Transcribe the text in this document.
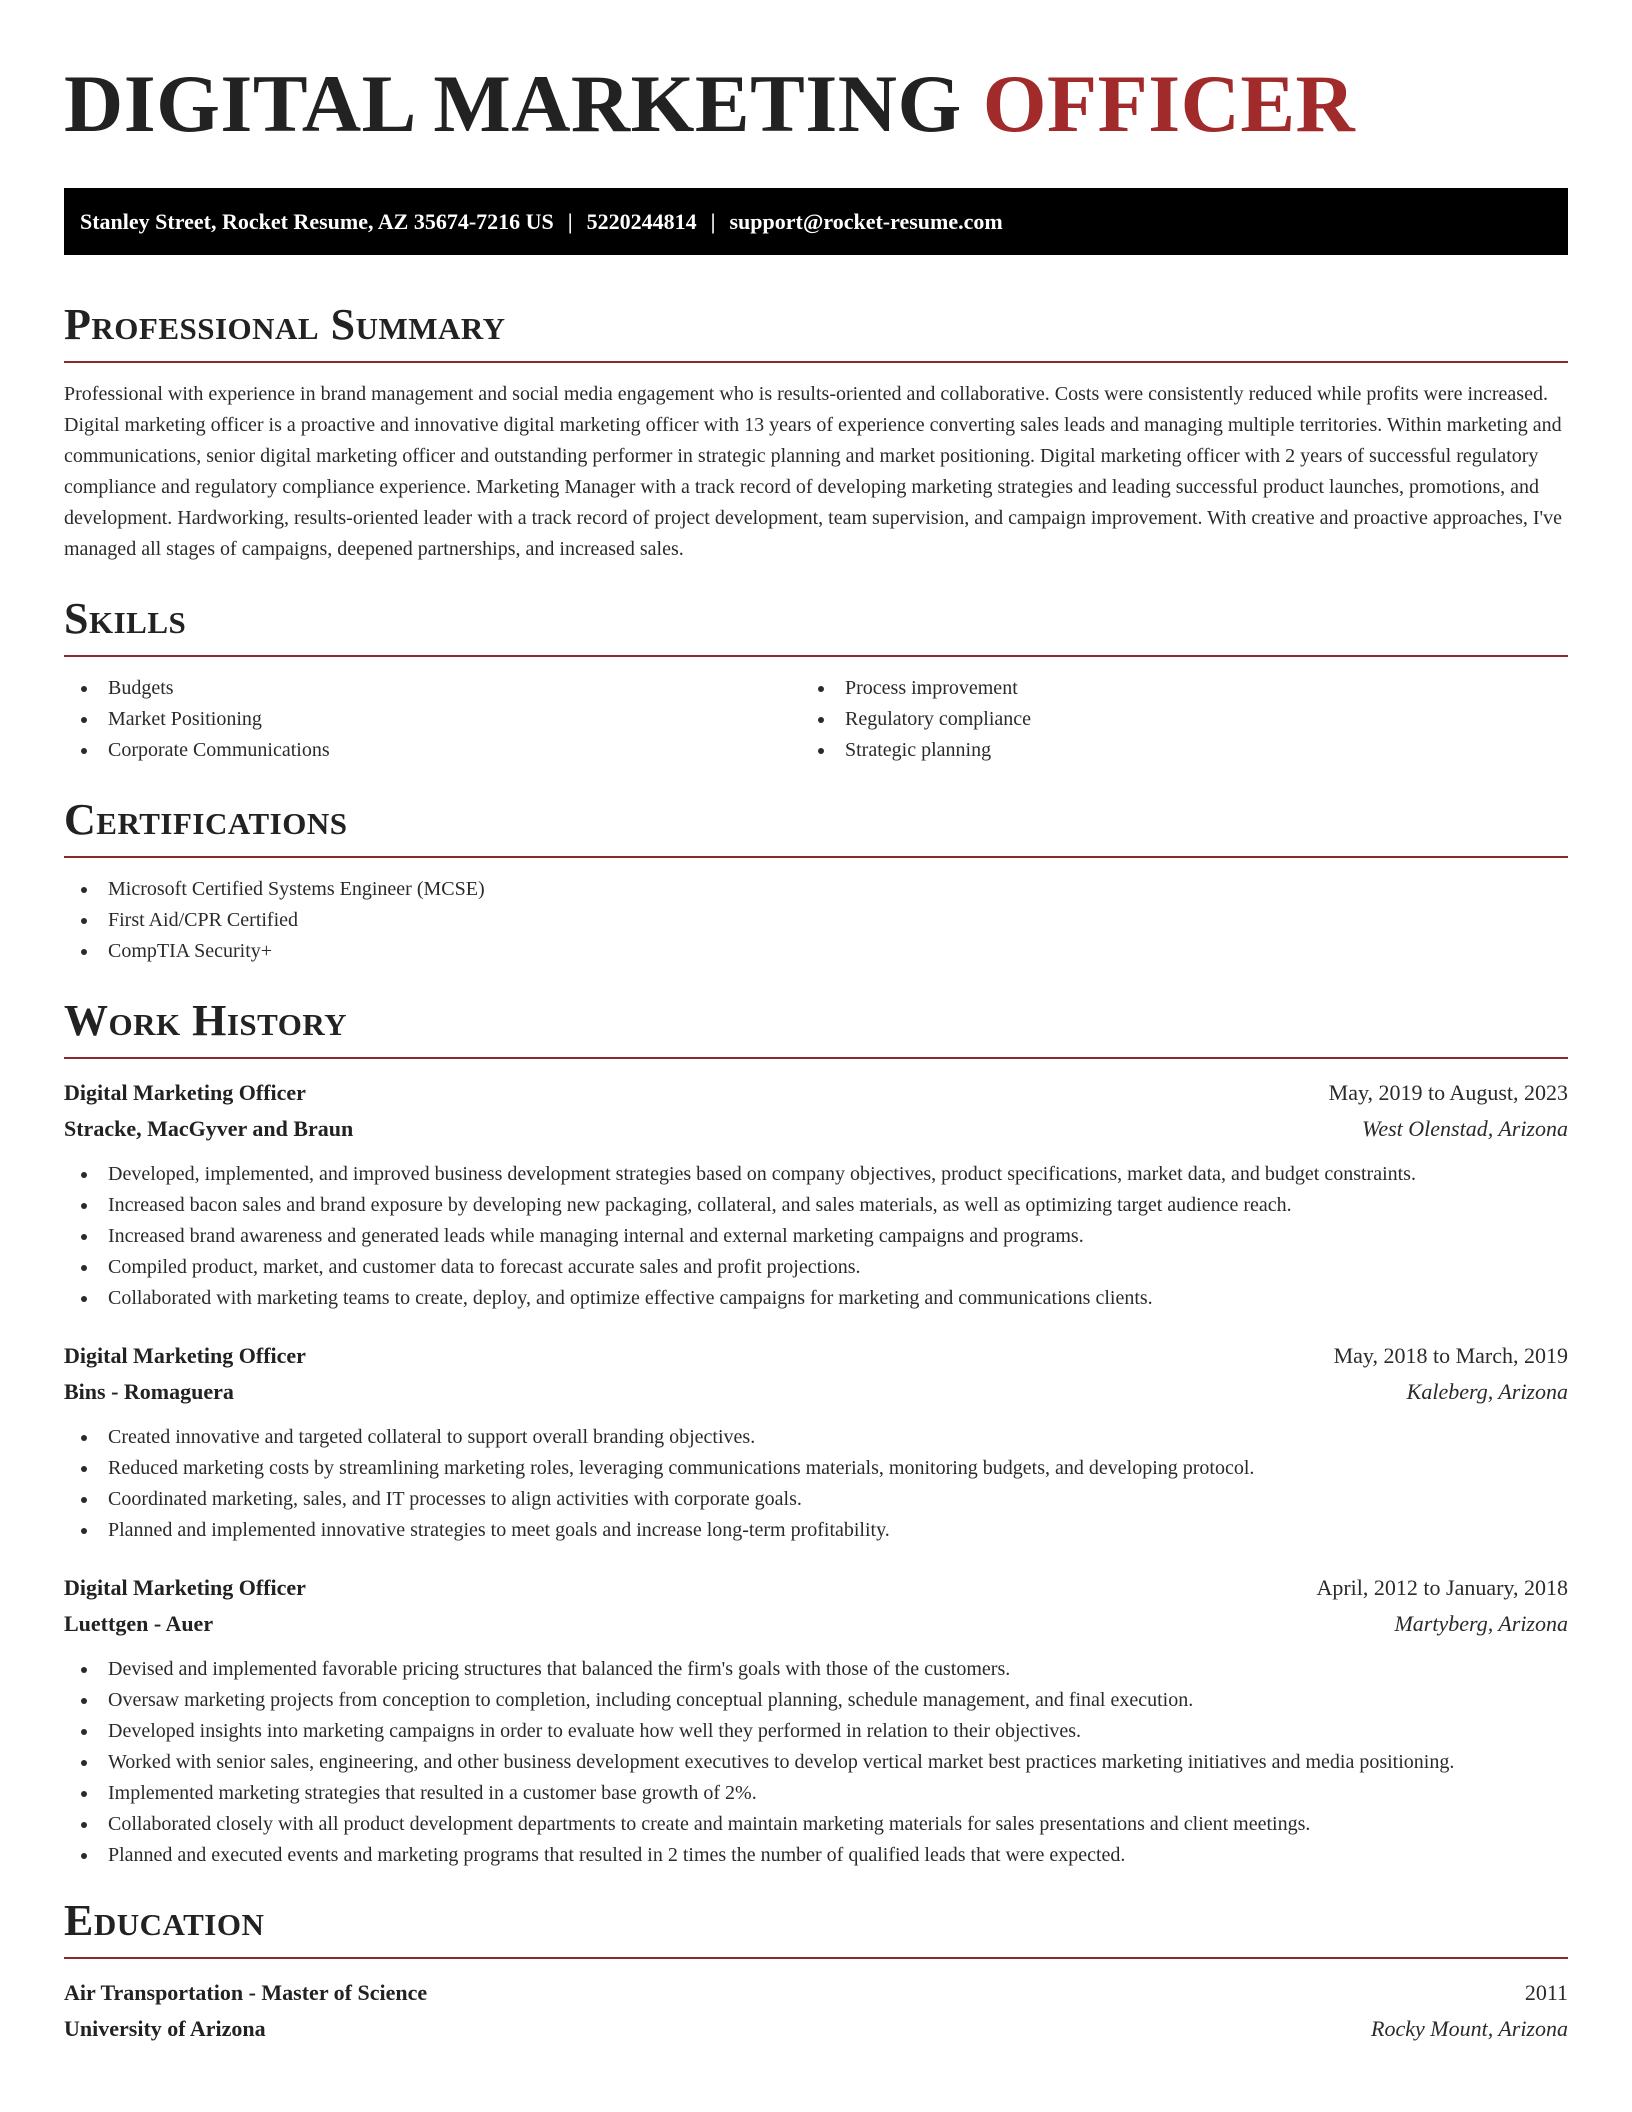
DIGITAL MARKETING OFFICER
Stanley Street, Rocket Resume, AZ 35674-7216 US | 5220244814 | support@rocket-resume.com
Professional Summary

Professional with experience in brand management and social media engagement who is results-oriented and collaborative. Costs were consistently reduced while profits were increased. Digital marketing officer is a proactive and innovative digital marketing officer with 13 years of experience converting sales leads and managing multiple territories. Within marketing and communications, senior digital marketing officer and outstanding performer in strategic planning and market positioning. Digital marketing officer with 2 years of successful regulatory compliance and regulatory compliance experience. Marketing Manager with a track record of developing marketing strategies and leading successful product launches, promotions, and development. Hardworking, results-oriented leader with a track record of project development, team supervision, and campaign improvement. With creative and proactive approaches, I've managed all stages of campaigns, deepened partnerships, and increased sales.

Skills
Budgets
Market Positioning
Corporate Communications
Process improvement
Regulatory compliance
Strategic planning
Certifications
Microsoft Certified Systems Engineer (MCSE)
First Aid/CPR Certified
CompTIA Security+
Work History
Digital Marketing Officer	May, 2019 to August, 2023
Stracke, MacGyver and Braun	West Olenstad, Arizona
Developed, implemented, and improved business development strategies based on company objectives, product specifications, market data, and budget constraints.
Increased bacon sales and brand exposure by developing new packaging, collateral, and sales materials, as well as optimizing target audience reach.
Increased brand awareness and generated leads while managing internal and external marketing campaigns and programs.
Compiled product, market, and customer data to forecast accurate sales and profit projections.
Collaborated with marketing teams to create, deploy, and optimize effective campaigns for marketing and communications clients.
Digital Marketing Officer	May, 2018 to March, 2019
Bins - Romaguera	Kaleberg, Arizona
Created innovative and targeted collateral to support overall branding objectives.
Reduced marketing costs by streamlining marketing roles, leveraging communications materials, monitoring budgets, and developing protocol.
Coordinated marketing, sales, and IT processes to align activities with corporate goals.
Planned and implemented innovative strategies to meet goals and increase long-term profitability.
Digital Marketing Officer	April, 2012 to January, 2018
Luettgen - Auer	Martyberg, Arizona
Devised and implemented favorable pricing structures that balanced the firm's goals with those of the customers.
Oversaw marketing projects from conception to completion, including conceptual planning, schedule management, and final execution.
Developed insights into marketing campaigns in order to evaluate how well they performed in relation to their objectives.
Worked with senior sales, engineering, and other business development executives to develop vertical market best practices marketing initiatives and media positioning.
Implemented marketing strategies that resulted in a customer base growth of 2%.
Collaborated closely with all product development departments to create and maintain marketing materials for sales presentations and client meetings.
Planned and executed events and marketing programs that resulted in 2 times the number of qualified leads that were expected.
Education
Air Transportation - Master of Science	2011
University of Arizona	Rocky Mount, Arizona
